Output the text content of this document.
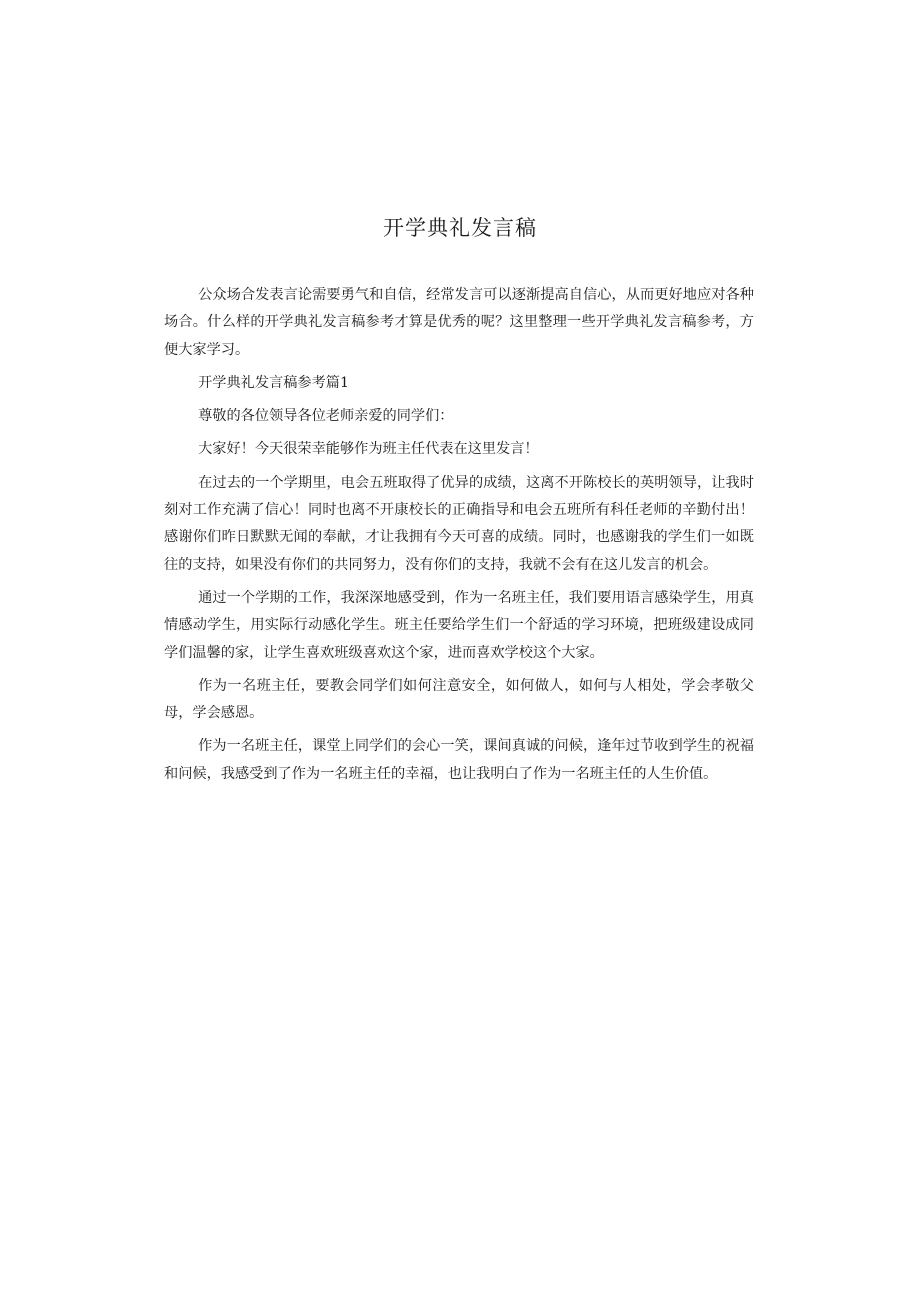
开学典礼发言稿

公众场合发表言论需要勇气和自信，经常发言可以逐渐提高自信心，从而更好地应对各种场合。什么样的开学典礼发言稿参考才算是优秀的呢？这里整理一些开学典礼发言稿参考，方便大家学习。

开学典礼发言稿参考篇1

尊敬的各位领导各位老师亲爱的同学们：

大家好！今天很荣幸能够作为班主任代表在这里发言！

在过去的一个学期里，电会五班取得了优异的成绩，这离不开陈校长的英明领导，让我时刻对工作充满了信心！同时也离不开康校长的正确指导和电会五班所有科任老师的辛勤付出！感谢你们昨日默默无闻的奉献，才让我拥有今天可喜的成绩。同时，也感谢我的学生们一如既往的支持，如果没有你们的共同努力，没有你们的支持，我就不会有在这儿发言的机会。

通过一个学期的工作，我深深地感受到，作为一名班主任，我们要用语言感染学生，用真情感动学生，用实际行动感化学生。班主任要给学生们一个舒适的学习环境，把班级建设成同学们温馨的家，让学生喜欢班级喜欢这个家，进而喜欢学校这个大家。

作为一名班主任，要教会同学们如何注意安全，如何做人，如何与人相处，学会孝敬父母，学会感恩。

作为一名班主任，课堂上同学们的会心一笑，课间真诚的问候，逢年过节收到学生的祝福和问候，我感受到了作为一名班主任的幸福，也让我明白了作为一名班主任的人生价值。
